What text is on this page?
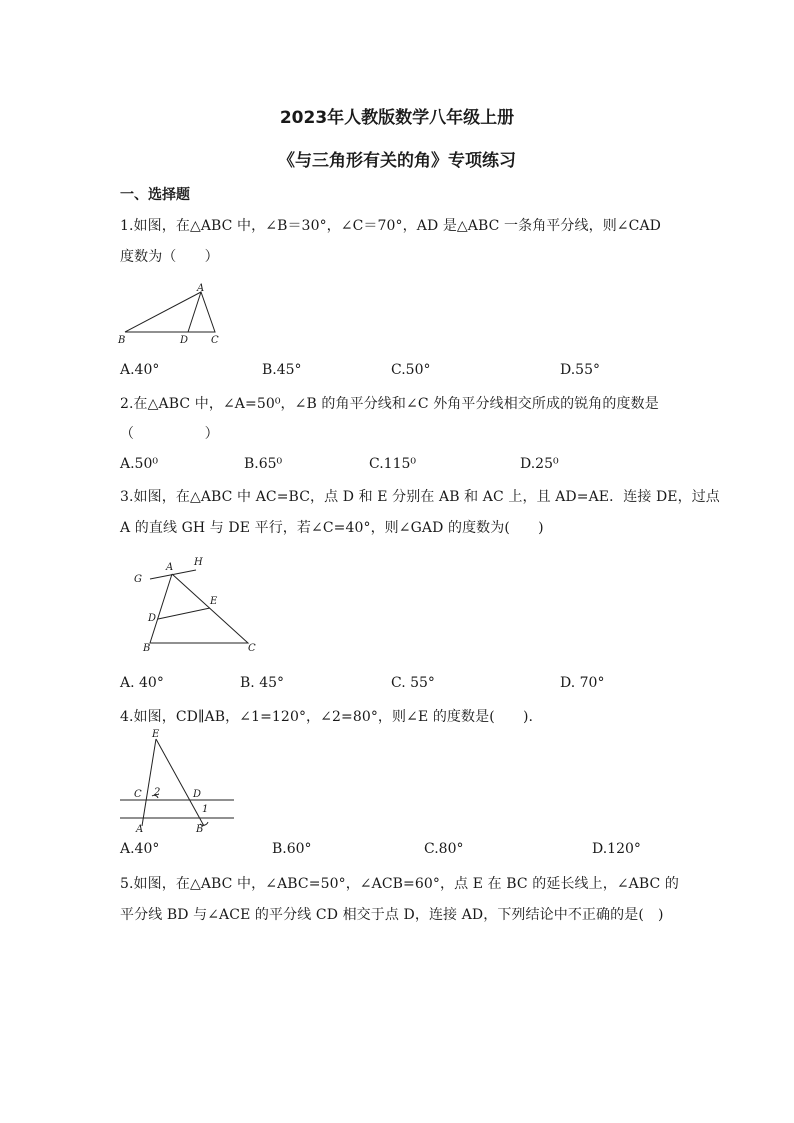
2023年人教版数学八年级上册
《与三角形有关的角》专项练习
一、选择题
1.如图，在△ABC 中，∠B＝30°，∠C＝70°，AD 是△ABC 一条角平分线，则∠CAD
度数为（　　）
A
B	D C
A.40°	B.45°	C.50°	D.55°
2.在△ABC 中，∠A=50⁰，∠B 的角平分线和∠C 外角平分线相交所成的锐角的度数是
（　　　　　）
A.50⁰	B.65⁰	C.115⁰	D.25⁰
3.如图，在△ABC 中 AC=BC，点 D 和 E 分别在 AB 和 AC 上，且 AD=AE．连接 DE，过点
A 的直线 GH 与 DE 平行，若∠C=40°，则∠GAD 的度数为(　　)
G
A H
E
D
B	C
A. 40°	B. 45°	C. 55°	D. 70°
4.如图，CD∥AB，∠1=120°，∠2=80°，则∠E 的度数是(　　).
E
C 2	D
1
A	B
A.40°	B.60°	C.80°	D.120°
5.如图，在△ABC 中，∠ABC=50°，∠ACB=60°，点 E 在 BC 的延长线上，∠ABC 的
平分线 BD 与∠ACE 的平分线 CD 相交于点 D，连接 AD，下列结论中不正确的是(　)
